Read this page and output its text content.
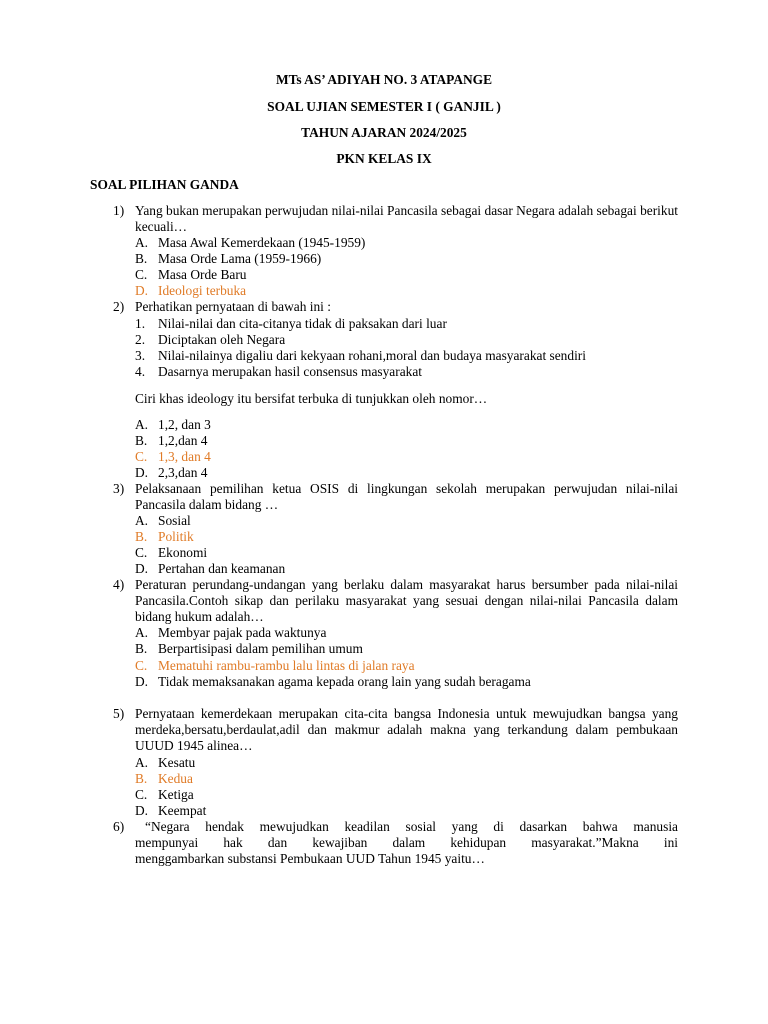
MTs AS’ ADIYAH NO. 3 ATAPANGE
SOAL UJIAN SEMESTER I ( GANJIL )
TAHUN AJARAN 2024/2025
PKN KELAS IX
SOAL PILIHAN GANDA
1) Yang bukan merupakan perwujudan nilai-nilai Pancasila sebagai dasar Negara adalah sebagai berikut kecuali…
A. Masa Awal Kemerdekaan (1945-1959)
B. Masa Orde Lama (1959-1966)
C. Masa Orde Baru
D. Ideologi terbuka
2) Perhatikan pernyataan di bawah ini :
1. Nilai-nilai dan cita-citanya tidak di paksakan dari luar
2. Diciptakan oleh Negara
3. Nilai-nilainya digaliu dari kekyaan rohani,moral dan budaya masyarakat sendiri
4. Dasarnya merupakan hasil consensus masyarakat
Ciri khas ideology itu bersifat terbuka di tunjukkan oleh nomor…
A. 1,2, dan 3
B. 1,2,dan 4
C. 1,3, dan 4
D. 2,3,dan 4
3) Pelaksanaan pemilihan ketua OSIS di lingkungan sekolah merupakan perwujudan nilai-nilai Pancasila dalam bidang …
A. Sosial
B. Politik
C. Ekonomi
D. Pertahan dan keamanan
4) Peraturan perundang-undangan yang berlaku dalam masyarakat harus bersumber pada nilai-nilai Pancasila.Contoh sikap dan perilaku masyarakat yang sesuai dengan nilai-nilai Pancasila dalam bidang hukum adalah…
A. Membyar pajak pada waktunya
B. Berpartisipasi dalam pemilihan umum
C. Mematuhi rambu-rambu lalu lintas di jalan raya
D. Tidak memaksanakan agama kepada orang lain yang sudah beragama
5) Pernyataan kemerdekaan merupakan cita-cita bangsa Indonesia untuk mewujudkan bangsa yang merdeka,bersatu,berdaulat,adil dan makmur adalah makna yang terkandung dalam pembukaan UUUD 1945 alinea…
A. Kesatu
B. Kedua
C. Ketiga
D. Keempat
6)	“Negara hendak mewujudkan keadilan sosial yang di dasarkan bahwa manusia
mempunyai hak dan kewajiban dalam kehidupan masyarakat.”Makna ini
menggambarkan substansi Pembukaan UUD Tahun 1945 yaitu…
